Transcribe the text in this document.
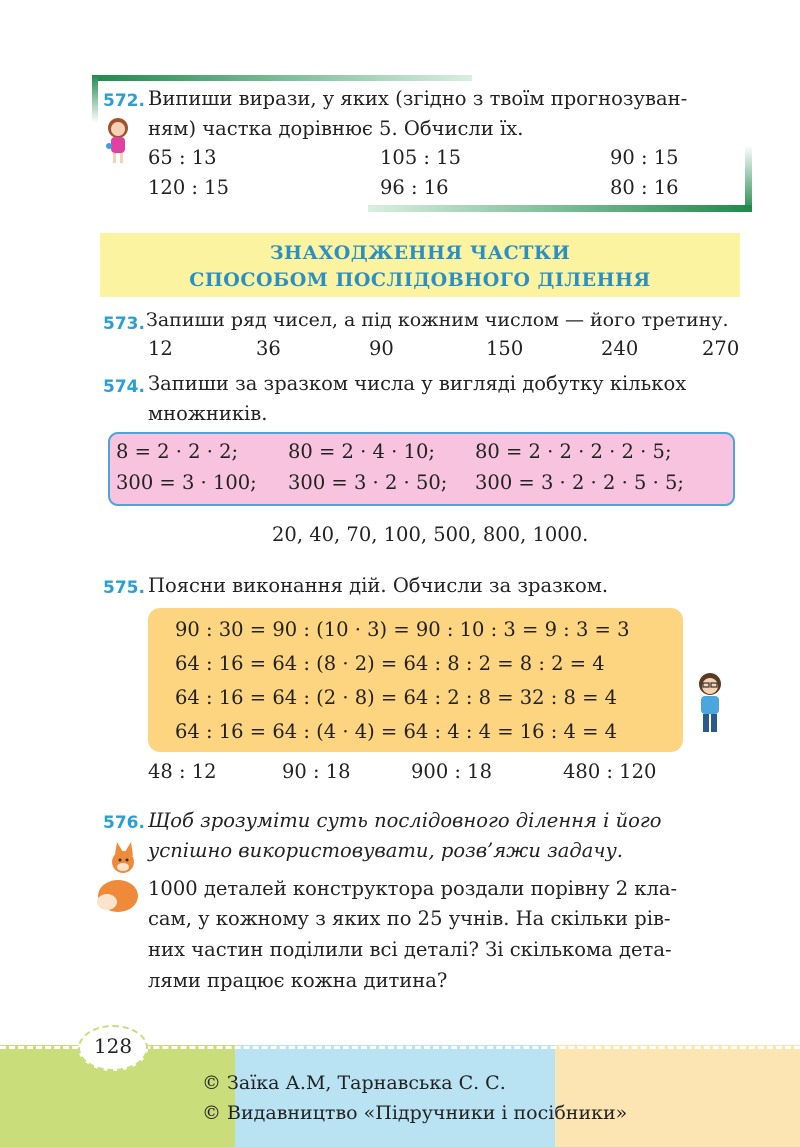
572. Випиши вирази, у яких (згідно з твоїм прогнозуван-
ням) частка дорівнює 5. Обчисли їх.
65 : 13	105 : 15	90 : 15
120 : 15	96 : 16	80 : 16
ЗНАХОДЖЕННЯ ЧАСТКИ
СПОСОБОМ ПОСЛІДОВНОГО ДІЛЕННЯ
573. Запиши ряд чисел, а під кожним числом — його третину.
12	36	90	150	240	270
574. Запиши за зразком числа у вигляді добутку кількох
множників.
8 = 2 · 2 · 2;	80 = 2 · 4 · 10; 80 = 2 · 2 · 2 · 2 · 5;
300 = 3 · 100; 300 = 3 · 2 · 50; 300 = 3 · 2 · 2 · 5 · 5;
20, 40, 70, 100, 500, 800, 1000.
575. Поясни виконання дій. Обчисли за зразком.
90 : 30 = 90 : (10 · 3) = 90 : 10 : 3 = 9 : 3 = 3
64 : 16 = 64 : (8 · 2) = 64 : 8 : 2 = 8 : 2 = 4
64 : 16 = 64 : (2 · 8) = 64 : 2 : 8 = 32 : 8 = 4
64 : 16 = 64 : (4 · 4) = 64 : 4 : 4 = 16 : 4 = 4
48 : 12	90 : 18	900 : 18	480 : 120
576. Щоб зрозуміти суть послідовного ділення і його
успішно використовувати, розв’яжи задачу.
1000 деталей конструктора роздали порівну 2 кла-
сам, у кожному з яких по 25 учнів. На скільки рів-
них частин поділили всі деталі? Зі скількома дета-
лями працює кожна дитина?
128
© Заїка А.М, Тарнавська С. С.
© Видавництво «Підручники і посібники»
